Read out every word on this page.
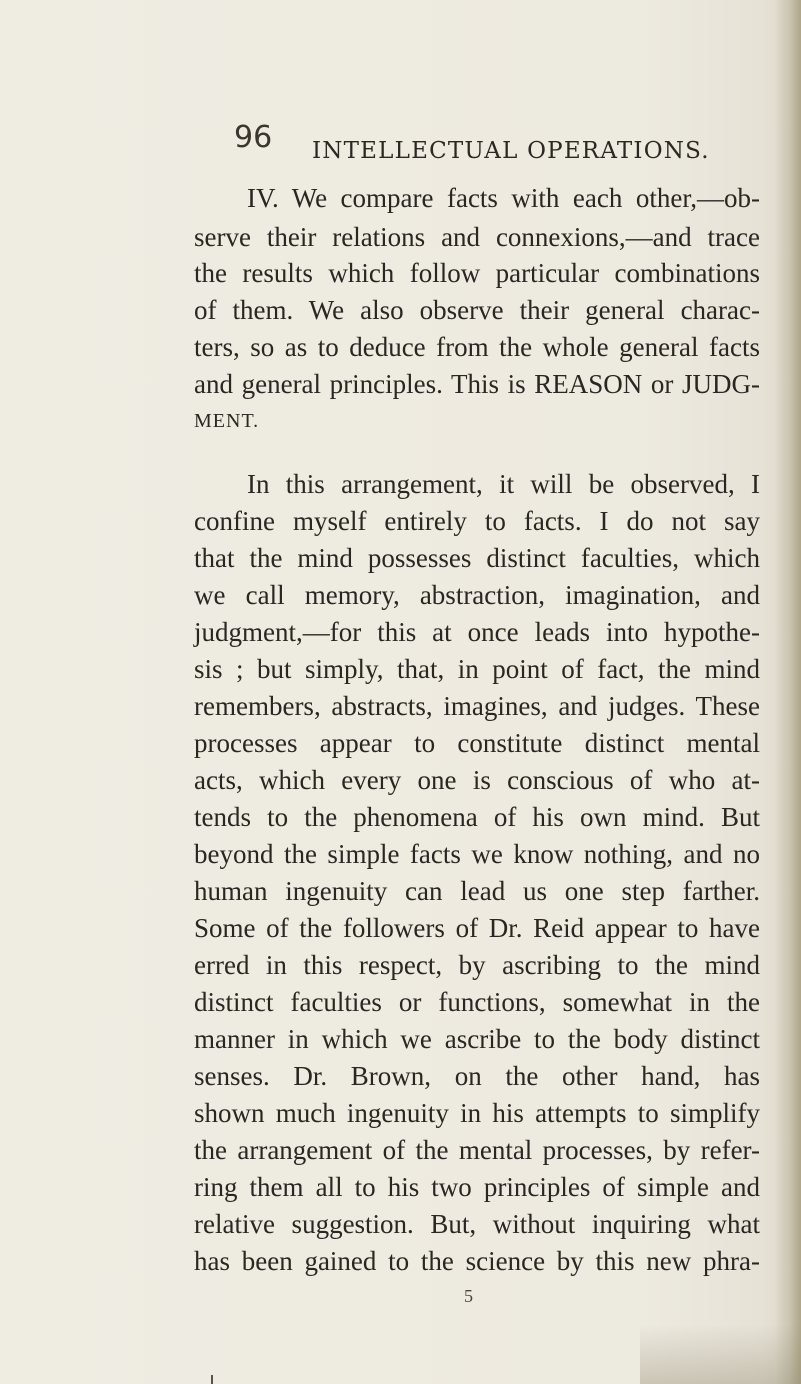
96 INTELLECTUAL OPERATIONS.
IV. We compare facts with each other,—ob-
serve their relations and connexions,—and trace
the results which follow particular combinations
of them. We also observe their general charac-
ters, so as to deduce from the whole general facts
and general principles. This is REASON or JUDG-
MENT.
In this arrangement, it will be observed, I
confine myself entirely to facts. I do not say
that the mind possesses distinct faculties, which
we call memory, abstraction, imagination, and
judgment,—for this at once leads into hypothe-
sis ; but simply, that, in point of fact, the mind
remembers, abstracts, imagines, and judges. These
processes appear to constitute distinct mental
acts, which every one is conscious of who at-
tends to the phenomena of his own mind. But
beyond the simple facts we know nothing, and no
human ingenuity can lead us one step farther.
Some of the followers of Dr. Reid appear to have
erred in this respect, by ascribing to the mind
distinct faculties or functions, somewhat in the
manner in which we ascribe to the body distinct
senses. Dr. Brown, on the other hand, has
shown much ingenuity in his attempts to simplify
the arrangement of the mental processes, by refer-
ring them all to his two principles of simple and
relative suggestion. But, without inquiring what
has been gained to the science by this new phra-
5
